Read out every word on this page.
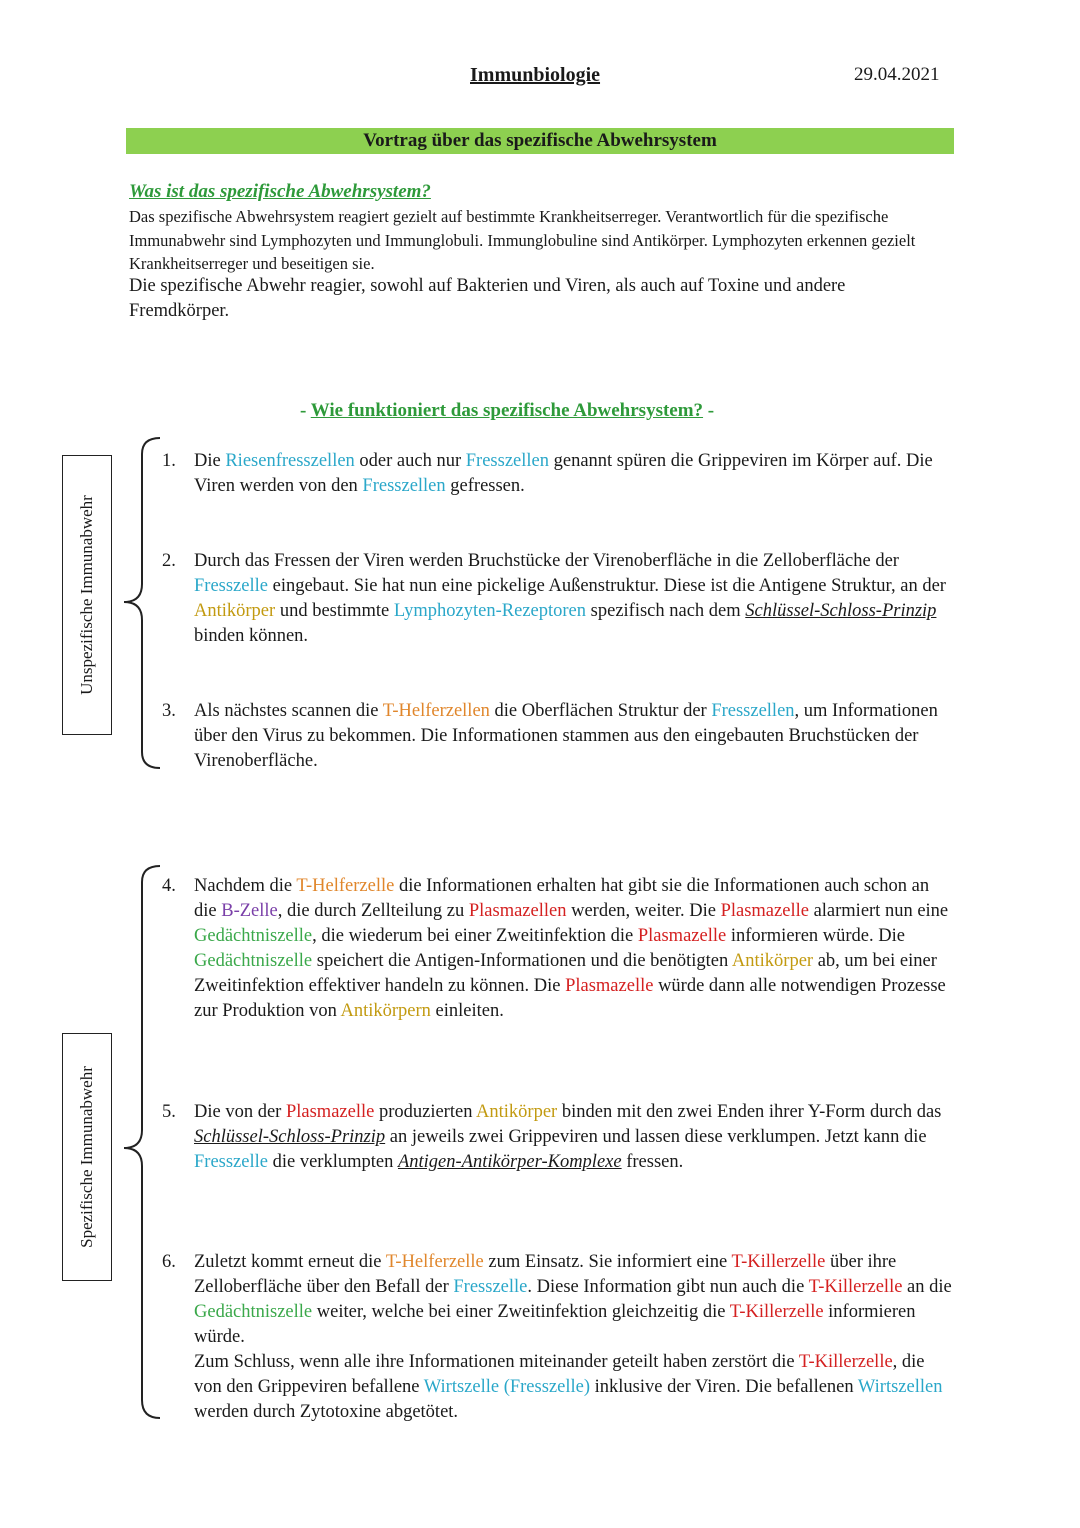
Immunbiologie	29.04.2021
Vortrag über das spezifische Abwehrsystem
Was ist das spezifische Abwehrsystem?
Das spezifische Abwehrsystem reagiert gezielt auf bestimmte Krankheitserreger. Verantwortlich für die spezifische Immunabwehr sind Lymphozyten und Immunglobuli. Immunglobuline sind Antikörper. Lymphozyten erkennen gezielt Krankheitserreger und beseitigen sie.
Die spezifische Abwehr reagier, sowohl auf Bakterien und Viren, als auch auf Toxine und andere Fremdkörper.
- Wie funktioniert das spezifische Abwehrsystem? -
Unspezifische Immunabwehr
Spezifische Immunabwehr
1. Die Riesenfresszellen oder auch nur Fresszellen genannt spüren die Grippeviren im Körper auf. Die Viren werden von den Fresszellen gefressen.
2. Durch das Fressen der Viren werden Bruchstücke der Virenoberfläche in die Zelloberfläche der Fresszelle eingebaut. Sie hat nun eine pickelige Außenstruktur. Diese ist die Antigene Struktur, an der Antikörper und bestimmte Lymphozyten-Rezeptoren spezifisch nach dem Schlüssel-Schloss-Prinzip binden können.
3. Als nächstes scannen die T-Helferzellen die Oberflächen Struktur der Fresszellen, um Informationen über den Virus zu bekommen. Die Informationen stammen aus den eingebauten Bruchstücken der Virenoberfläche.
4. Nachdem die T-Helferzelle die Informationen erhalten hat gibt sie die Informationen auch schon an die B-Zelle, die durch Zellteilung zu Plasmazellen werden, weiter. Die Plasmazelle alarmiert nun eine Gedächtniszelle, die wiederum bei einer Zweitinfektion die Plasmazelle informieren würde. Die Gedächtniszelle speichert die Antigen-Informationen und die benötigten Antikörper ab, um bei einer Zweitinfektion effektiver handeln zu können. Die Plasmazelle würde dann alle notwendigen Prozesse zur Produktion von Antikörpern einleiten.
5. Die von der Plasmazelle produzierten Antikörper binden mit den zwei Enden ihrer Y-Form durch das Schlüssel-Schloss-Prinzip an jeweils zwei Grippeviren und lassen diese verklumpen. Jetzt kann die Fresszelle die verklumpten Antigen-Antikörper-Komplexe fressen.
6. Zuletzt kommt erneut die T-Helferzelle zum Einsatz. Sie informiert eine T-Killerzelle über ihre Zelloberfläche über den Befall der Fresszelle. Diese Information gibt nun auch die T-Killerzelle an die Gedächtniszelle weiter, welche bei einer Zweitinfektion gleichzeitig die T-Killerzelle informieren würde.
Zum Schluss, wenn alle ihre Informationen miteinander geteilt haben zerstört die T-Killerzelle, die von den Grippeviren befallene Wirtszelle (Fresszelle) inklusive der Viren. Die befallenen Wirtszellen werden durch Zytotoxine abgetötet.
